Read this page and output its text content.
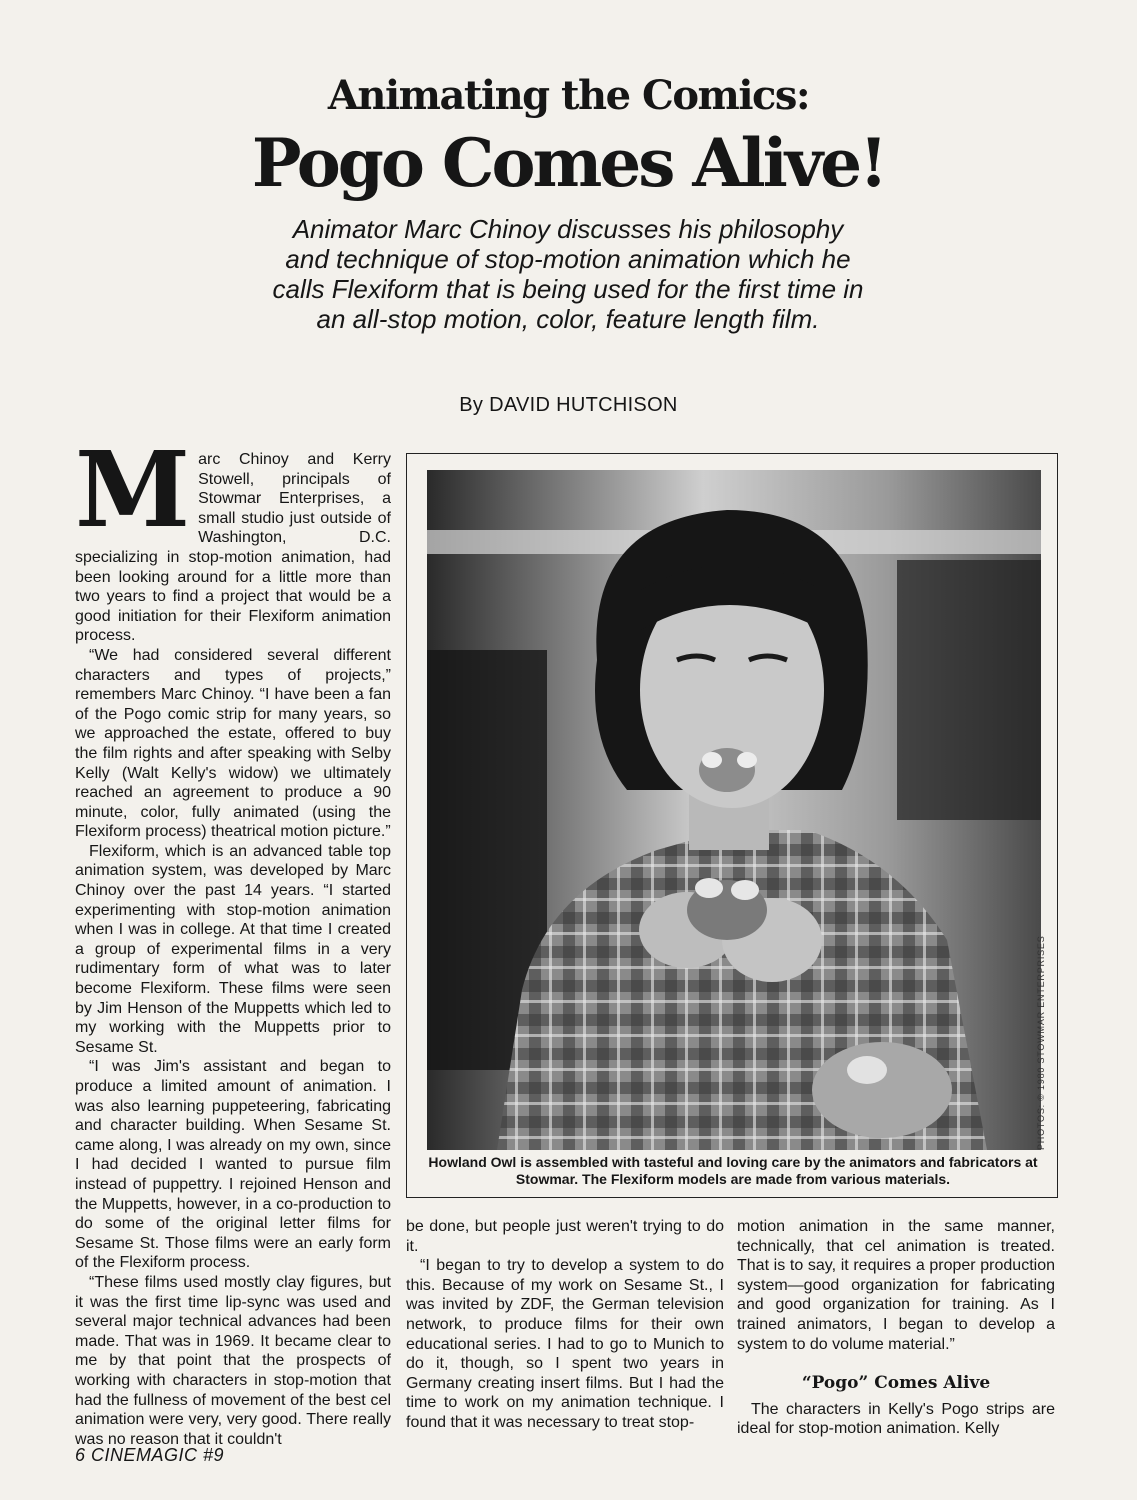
Animating the Comics:
Pogo Comes Alive!

Animator Marc Chinoy discusses his philosophy and technique of stop-motion animation which he calls Flexiform that is being used for the first time in an all-stop motion, color, feature length film.

By DAVID HUTCHISON
M arc Chinoy and Kerry Stowell, principals of Stowmar Enterprises, a small studio just outside of Washington, D.C. specializing in stop-motion animation, had been looking around for a little more than two years to find a project that would be a good initiation for their Flexiform animation process.

“We had considered several different characters and types of projects,” remembers Marc Chinoy. “I have been a fan of the Pogo comic strip for many years, so we approached the estate, offered to buy the film rights and after speaking with Selby Kelly (Walt Kelly's widow) we ultimately reached an agreement to produce a 90 minute, color, fully animated (using the Flexiform process) theatrical motion picture.”

Flexiform, which is an advanced table top animation system, was developed by Marc Chinoy over the past 14 years. “I started experimenting with stop-motion animation when I was in college. At that time I created a group of experimental films in a very rudimentary form of what was to later become Flexiform. These films were seen by Jim Henson of the Muppetts which led to my working with the Muppetts prior to Sesame St.

“I was Jim's assistant and began to produce a limited amount of animation. I was also learning puppeteering, fabricating and character building. When Sesame St. came along, I was already on my own, since I had decided I wanted to pursue film instead of puppettry. I rejoined Henson and the Muppetts, however, in a co-production to do some of the original letter films for Sesame St. Those films were an early form of the Flexiform process.

“These films used mostly clay figures, but it was the first time lip-sync was used and several major technical advances had been made. That was in 1969. It became clear to me by that point that the prospects of working with characters in stop-motion that had the fullness of movement of the best cel animation were very, very good. There really was no reason that it couldn't

Howland Owl is assembled with tasteful and loving care by the animators and fabricators at Stowmar. The Flexiform models are made from various materials.

PHOTOS: © 1980 STOWMAR ENTERPRISES

be done, but people just weren't trying to do it.

“I began to try to develop a system to do this. Because of my work on Sesame St., I was invited by ZDF, the German television network, to produce films for their own educational series. I had to go to Munich to do it, though, so I spent two years in Germany creating insert films. But I had the time to work on my animation technique. I found that it was necessary to treat stop-

motion animation in the same manner, technically, that cel animation is treated. That is to say, it requires a proper production system—good organization for fabricating and good organization for training. As I trained animators, I began to develop a system to do volume material.”

“Pogo” Comes Alive

The characters in Kelly's Pogo strips are ideal for stop-motion animation. Kelly

6 CINEMAGIC #9
